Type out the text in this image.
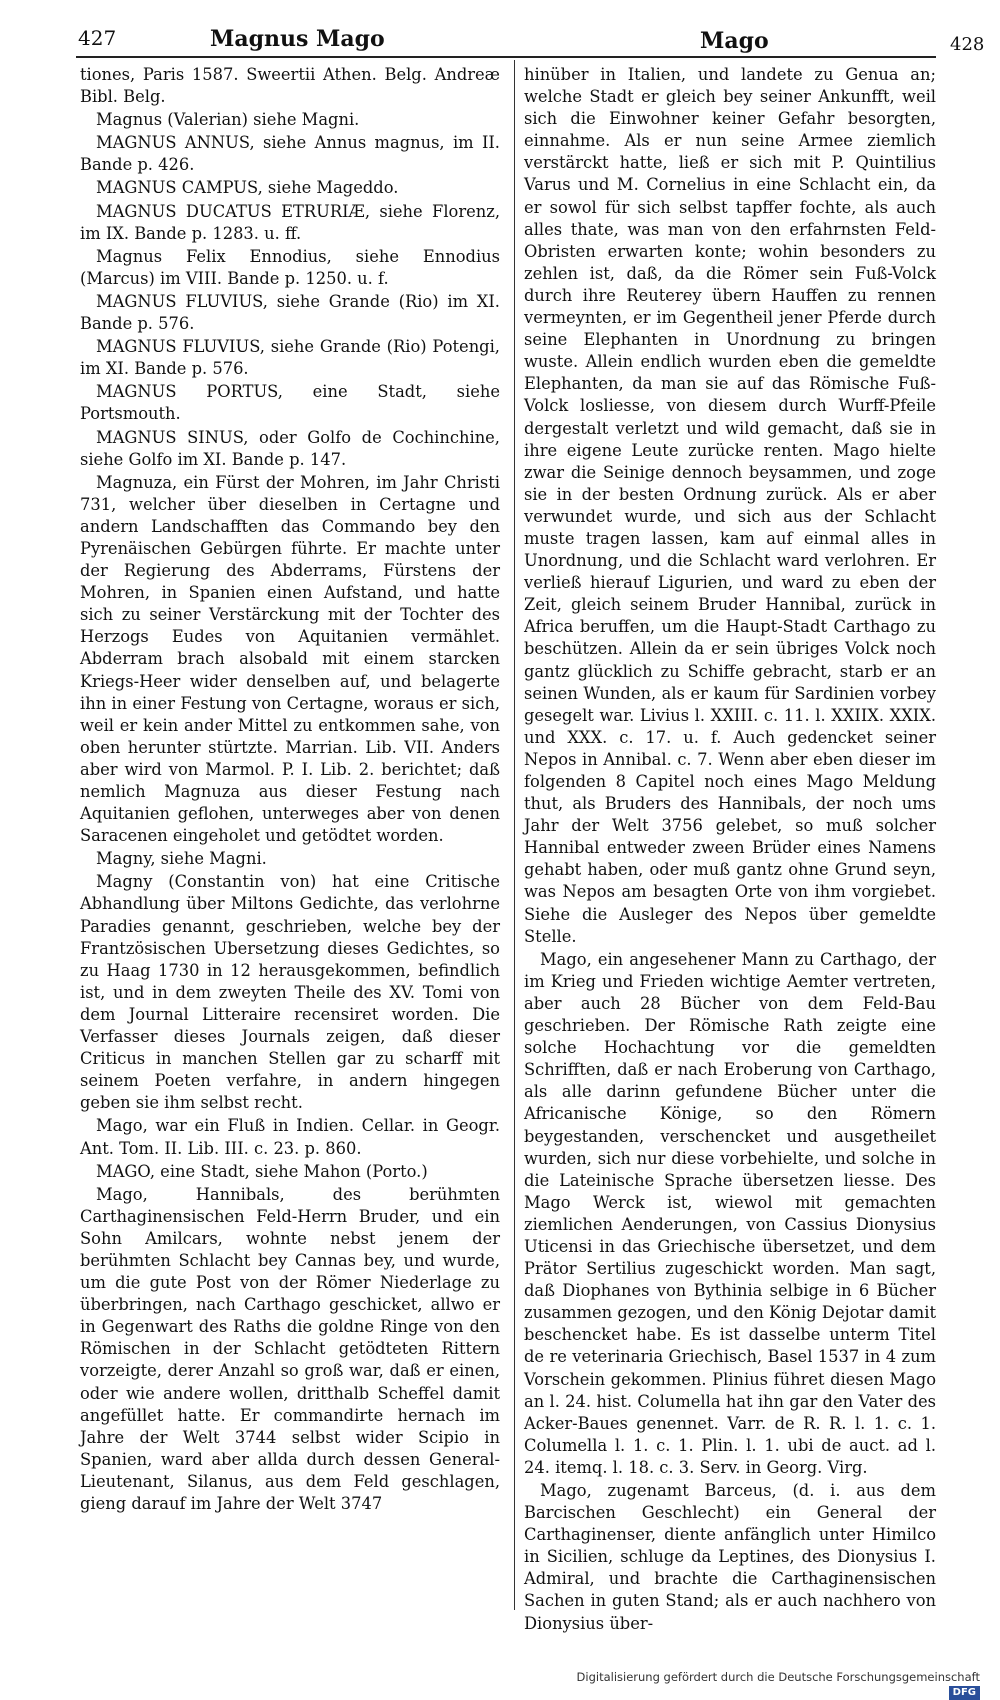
427	Magnus Mago	Mago	428

tiones, Paris 1587. Sweertii Athen. Belg. Andreæ Bibl. Belg.

Magnus (Valerian) siehe Magni.

MAGNUS ANNUS, siehe Annus magnus, im II. Bande p. 426.

MAGNUS CAMPUS, siehe Mageddo.

MAGNUS DUCATUS ETRURIÆ, siehe Florenz, im IX. Bande p. 1283. u. ff.

Magnus Felix Ennodius, siehe Ennodius (Marcus) im VIII. Bande p. 1250. u. f.

MAGNUS FLUVIUS, siehe Grande (Rio) im XI. Bande p. 576.

MAGNUS FLUVIUS, siehe Grande (Rio) Potengi, im XI. Bande p. 576.

MAGNUS PORTUS, eine Stadt, siehe Portsmouth.

MAGNUS SINUS, oder Golfo de Cochinchine, siehe Golfo im XI. Bande p. 147.

Magnuza, ein Fürst der Mohren, im Jahr Christi 731, welcher über dieselben in Certagne und andern Landschafften das Commando bey den Pyrenäischen Gebürgen führte. Er machte unter der Regierung des Abderrams, Fürstens der Mohren, in Spanien einen Aufstand, und hatte sich zu seiner Verstärckung mit der Tochter des Herzogs Eudes von Aquitanien vermählet. Abderram brach alsobald mit einem starcken Kriegs-Heer wider denselben auf, und belagerte ihn in einer Festung von Certagne, woraus er sich, weil er kein ander Mittel zu entkommen sahe, von oben herunter stürtzte. Marrian. Lib. VII. Anders aber wird von Marmol. P. I. Lib. 2. berichtet; daß nemlich Magnuza aus dieser Festung nach Aquitanien geflohen, unterweges aber von denen Saracenen eingeholet und getödtet worden.

Magny, siehe Magni.

Magny (Constantin von) hat eine Critische Abhandlung über Miltons Gedichte, das verlohrne Paradies genannt, geschrieben, welche bey der Frantzösischen Ubersetzung dieses Gedichtes, so zu Haag 1730 in 12 herausgekommen, befindlich ist, und in dem zweyten Theile des XV. Tomi von dem Journal Litteraire recensiret worden. Die Verfasser dieses Journals zeigen, daß dieser Criticus in manchen Stellen gar zu scharff mit seinem Poeten verfahre, in andern hingegen geben sie ihm selbst recht.

Mago, war ein Fluß in Indien. Cellar. in Geogr. Ant. Tom. II. Lib. III. c. 23. p. 860.

MAGO, eine Stadt, siehe Mahon (Porto.)

Mago, Hannibals, des berühmten Carthaginensischen Feld-Herrn Bruder, und ein Sohn Amilcars, wohnte nebst jenem der berühmten Schlacht bey Cannas bey, und wurde, um die gute Post von der Römer Niederlage zu überbringen, nach Carthago geschicket, allwo er in Gegenwart des Raths die goldne Ringe von den Römischen in der Schlacht getödteten Rittern vorzeigte, derer Anzahl so groß war, daß er einen, oder wie andere wollen, dritthalb Scheffel damit angefüllet hatte. Er commandirte hernach im Jahre der Welt 3744 selbst wider Scipio in Spanien, ward aber allda durch dessen General-Lieutenant, Silanus, aus dem Feld geschlagen, gieng darauf im Jahre der Welt 3747

hinüber in Italien, und landete zu Genua an; welche Stadt er gleich bey seiner Ankunfft, weil sich die Einwohner keiner Gefahr besorgten, einnahme. Als er nun seine Armee ziemlich verstärckt hatte, ließ er sich mit P. Quintilius Varus und M. Cornelius in eine Schlacht ein, da er sowol für sich selbst tapffer fochte, als auch alles thate, was man von den erfahrnsten Feld-Obristen erwarten konte; wohin besonders zu zehlen ist, daß, da die Römer sein Fuß-Volck durch ihre Reuterey übern Hauffen zu rennen vermeynten, er im Gegentheil jener Pferde durch seine Elephanten in Unordnung zu bringen wuste. Allein endlich wurden eben die gemeldte Elephanten, da man sie auf das Römische Fuß-Volck losliesse, von diesem durch Wurff-Pfeile dergestalt verletzt und wild gemacht, daß sie in ihre eigene Leute zurücke renten. Mago hielte zwar die Seinige dennoch beysammen, und zoge sie in der besten Ordnung zurück. Als er aber verwundet wurde, und sich aus der Schlacht muste tragen lassen, kam auf einmal alles in Unordnung, und die Schlacht ward verlohren. Er verließ hierauf Ligurien, und ward zu eben der Zeit, gleich seinem Bruder Hannibal, zurück in Africa beruffen, um die Haupt-Stadt Carthago zu beschützen. Allein da er sein übriges Volck noch gantz glücklich zu Schiffe gebracht, starb er an seinen Wunden, als er kaum für Sardinien vorbey gesegelt war. Livius l. XXIII. c. 11. l. XXIIX. XXIX. und XXX. c. 17. u. f. Auch gedencket seiner Nepos in Annibal. c. 7. Wenn aber eben dieser im folgenden 8 Capitel noch eines Mago Meldung thut, als Bruders des Hannibals, der noch ums Jahr der Welt 3756 gelebet, so muß solcher Hannibal entweder zween Brüder eines Namens gehabt haben, oder muß gantz ohne Grund seyn, was Nepos am besagten Orte von ihm vorgiebet. Siehe die Ausleger des Nepos über gemeldte Stelle.

Mago, ein angesehener Mann zu Carthago, der im Krieg und Frieden wichtige Aemter vertreten, aber auch 28 Bücher von dem Feld-Bau geschrieben. Der Römische Rath zeigte eine solche Hochachtung vor die gemeldten Schrifften, daß er nach Eroberung von Carthago, als alle darinn gefundene Bücher unter die Africanische Könige, so den Römern beygestanden, verschencket und ausgetheilet wurden, sich nur diese vorbehielte, und solche in die Lateinische Sprache übersetzen liesse. Des Mago Werck ist, wiewol mit gemachten ziemlichen Aenderungen, von Cassius Dionysius Uticensi in das Griechische übersetzet, und dem Prätor Sertilius zugeschickt worden. Man sagt, daß Diophanes von Bythinia selbige in 6 Bücher zusammen gezogen, und den König Dejotar damit beschencket habe. Es ist dasselbe unterm Titel de re veterinaria Griechisch, Basel 1537 in 4 zum Vorschein gekommen. Plinius führet diesen Mago an l. 24. hist. Columella hat ihn gar den Vater des Acker-Baues genennet. Varr. de R. R. l. 1. c. 1. Columella l. 1. c. 1. Plin. l. 1. ubi de auct. ad l. 24. itemq. l. 18. c. 3. Serv. in Georg. Virg.

Mago, zugenamt Barceus, (d. i. aus dem Barcischen Geschlecht) ein General der Carthaginenser, diente anfänglich unter Himilco in Sicilien, schluge da Leptines, des Dionysius I. Admiral, und brachte die Carthaginensischen Sachen in guten Stand; als er auch nachhero von Dionysius über-

Digitalisierung gefördert durch die Deutsche Forschungsgemeinschaft DFG
